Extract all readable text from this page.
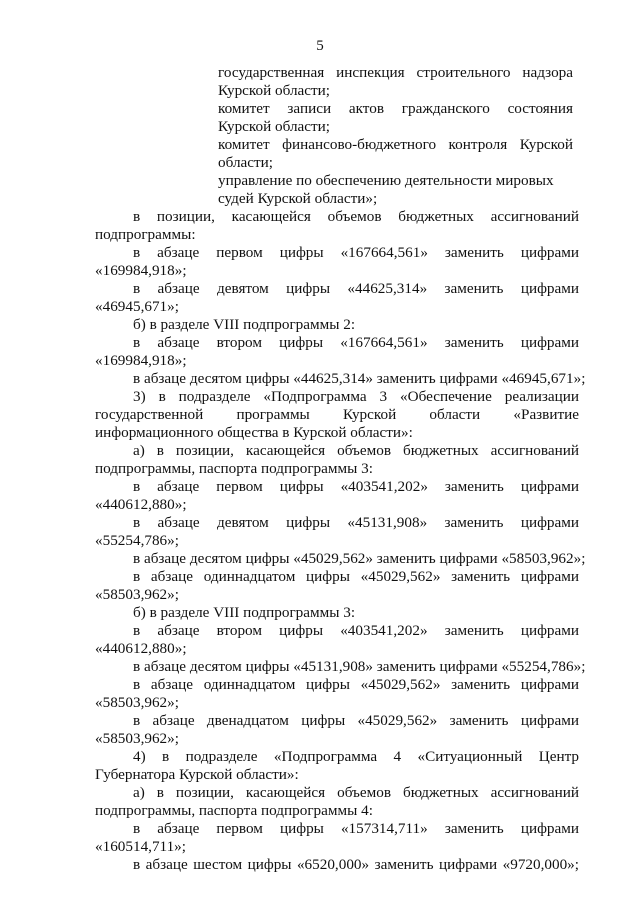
5
государственная инспекция строительного надзора
Курской области;
комитет записи актов гражданского состояния
Курской области;
комитет финансово-бюджетного контроля Курской
области;
управление по обеспечению деятельности мировых
судей Курской области»;
в позиции, касающейся объемов бюджетных ассигнований
подпрограммы:
в абзаце первом цифры «167664,561» заменить цифрами
«169984,918»;
в абзаце девятом цифры «44625,314» заменить цифрами
«46945,671»;
б) в разделе VIII подпрограммы 2:
в абзаце втором цифры «167664,561» заменить цифрами
«169984,918»;
в абзаце десятом цифры «44625,314» заменить цифрами «46945,671»;
3) в подразделе «Подпрограмма 3 «Обеспечение реализации
государственной программы Курской области «Развитие
информационного общества в Курской области»:
а) в позиции, касающейся объемов бюджетных ассигнований
подпрограммы, паспорта подпрограммы 3:
в абзаце первом цифры «403541,202» заменить цифрами
«440612,880»;
в абзаце девятом цифры «45131,908» заменить цифрами
«55254,786»;
в абзаце десятом цифры «45029,562» заменить цифрами «58503,962»;
в абзаце одиннадцатом цифры «45029,562» заменить цифрами
«58503,962»;
б) в разделе VIII подпрограммы 3:
в абзаце втором цифры «403541,202» заменить цифрами
«440612,880»;
в абзаце десятом цифры «45131,908» заменить цифрами «55254,786»;
в абзаце одиннадцатом цифры «45029,562» заменить цифрами
«58503,962»;
в абзаце двенадцатом цифры «45029,562» заменить цифрами
«58503,962»;
4) в подразделе «Подпрограмма 4 «Ситуационный Центр
Губернатора Курской области»:
а) в позиции, касающейся объемов бюджетных ассигнований
подпрограммы, паспорта подпрограммы 4:
в абзаце первом цифры «157314,711» заменить цифрами
«160514,711»;
в абзаце шестом цифры «6520,000» заменить цифрами «9720,000»;
